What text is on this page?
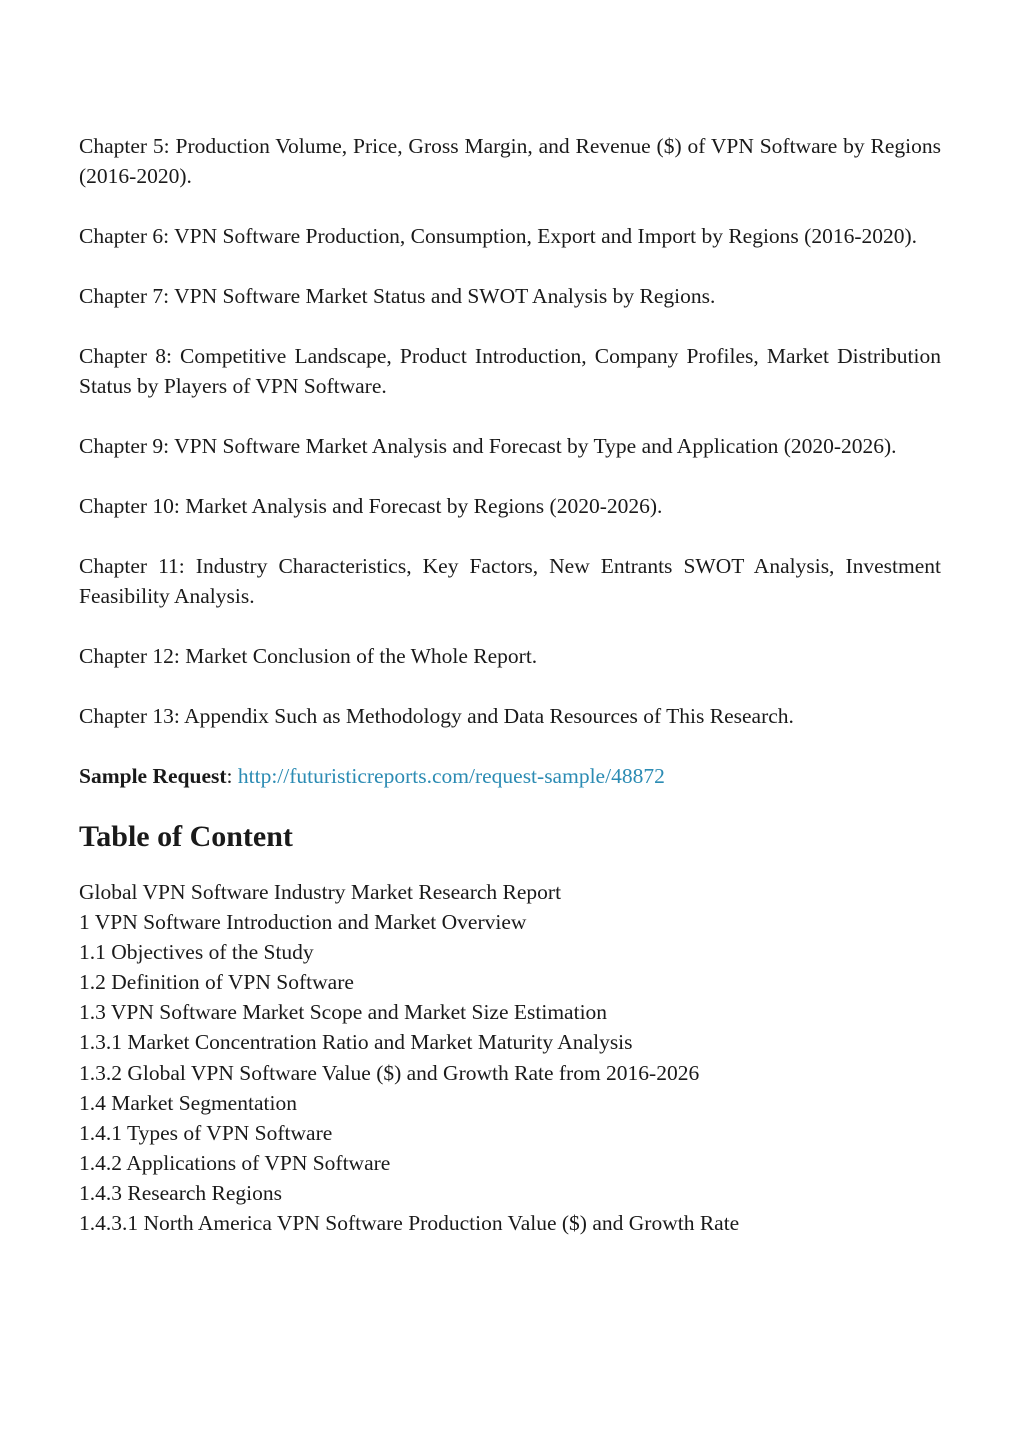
Chapter 5: Production Volume, Price, Gross Margin, and Revenue ($) of VPN Software by Regions (2016-2020).

Chapter 6: VPN Software Production, Consumption, Export and Import by Regions (2016-2020).

Chapter 7: VPN Software Market Status and SWOT Analysis by Regions.

Chapter 8: Competitive Landscape, Product Introduction, Company Profiles, Market Distribution Status by Players of VPN Software.

Chapter 9: VPN Software Market Analysis and Forecast by Type and Application (2020-2026).

Chapter 10: Market Analysis and Forecast by Regions (2020-2026).

Chapter 11: Industry Characteristics, Key Factors, New Entrants SWOT Analysis, Investment Feasibility Analysis.

Chapter 12: Market Conclusion of the Whole Report.

Chapter 13: Appendix Such as Methodology and Data Resources of This Research.

Sample Request: http://futuristicreports.com/request-sample/48872

Table of Content
Global VPN Software Industry Market Research Report
1 VPN Software Introduction and Market Overview
1.1 Objectives of the Study
1.2 Definition of VPN Software
1.3 VPN Software Market Scope and Market Size Estimation
1.3.1 Market Concentration Ratio and Market Maturity Analysis
1.3.2 Global VPN Software Value ($) and Growth Rate from 2016-2026
1.4 Market Segmentation
1.4.1 Types of VPN Software
1.4.2 Applications of VPN Software
1.4.3 Research Regions
1.4.3.1 North America VPN Software Production Value ($) and Growth Rate
